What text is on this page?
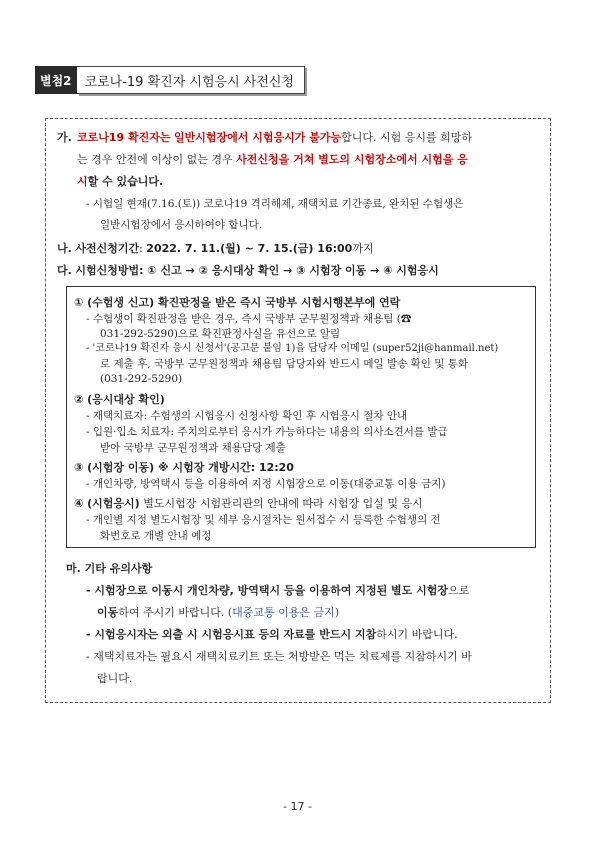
별첨2	코로나-19 확진자 시험응시 사전신청
가. 코로나19 확진자는 일반시험장에서 시험응시가 불가능합니다. 시험 응시를 희망하
는 경우 안전에 이상이 없는 경우 사전신청을 거쳐 별도의 시험장소에서 시험을 응
시할 수 있습니다.
- 시험일 현재(7.16.(토)) 코로나19 격리해제, 재택치료 기간종료, 완치된 수험생은
일반시험장에서 응시하여야 합니다.
나. 사전신청기간: 2022. 7. 11.(월) ~ 7. 15.(금) 16:00까지
다. 시험신청방법: ① 신고 → ② 응시대상 확인 → ③ 시험장 이동 → ④ 시험응시
① (수험생 신고) 확진판정을 받은 즉시 국방부 시험시행본부에 연락
- 수험생이 확진판정을 받은 경우, 즉시 국방부 군무원정책과 채용팀 (☎
031-292-5290)으로 확진판정사실을 유선으로 알림
- '코로나19 확진자 응시 신청서'(공고문 붙임 1)을 담당자 이메일 (super52ji@hanmail.net)
로 제출 후, 국방부 군무원정책과 채용팀 담당자와 반드시 메일 발송 확인 및 통화
(031-292-5290)
② (응시대상 확인)
- 재택치료자: 수험생의 시험응시 신청사항 확인 후 시험응시 절차 안내
- 입원·입소 치료자: 주치의로부터 응시가 가능하다는 내용의 의사소견서를 발급
받아 국방부 군무원정책과 채용담당 제출
③ (시험장 이동) ※ 시험장 개방시간: 12:20
- 개인차량, 방역택시 등을 이용하여 지정 시험장으로 이동(대중교통 이용 금지)
④ (시험응시) 별도시험장 시험관리관의 안내에 따라 시험장 입실 및 응시
- 개인별 지정 별도시험장 및 세부 응시절차는 원서접수 시 등록한 수험생의 전
화번호로 개별 안내 예정
마. 기타 유의사항
- 시험장으로 이동시 개인차량, 방역택시 등을 이용하여 지정된 별도 시험장으로
이동하여 주시기 바랍니다. (대중교통 이용은 금지)
- 시험응시자는 외출 시 시험응시표 등의 자료를 반드시 지참하시기 바랍니다.
- 재택치료자는 필요시 재택치료키트 또는 처방받은 먹는 치료제를 지참하시기 바
랍니다.
- 17 -
